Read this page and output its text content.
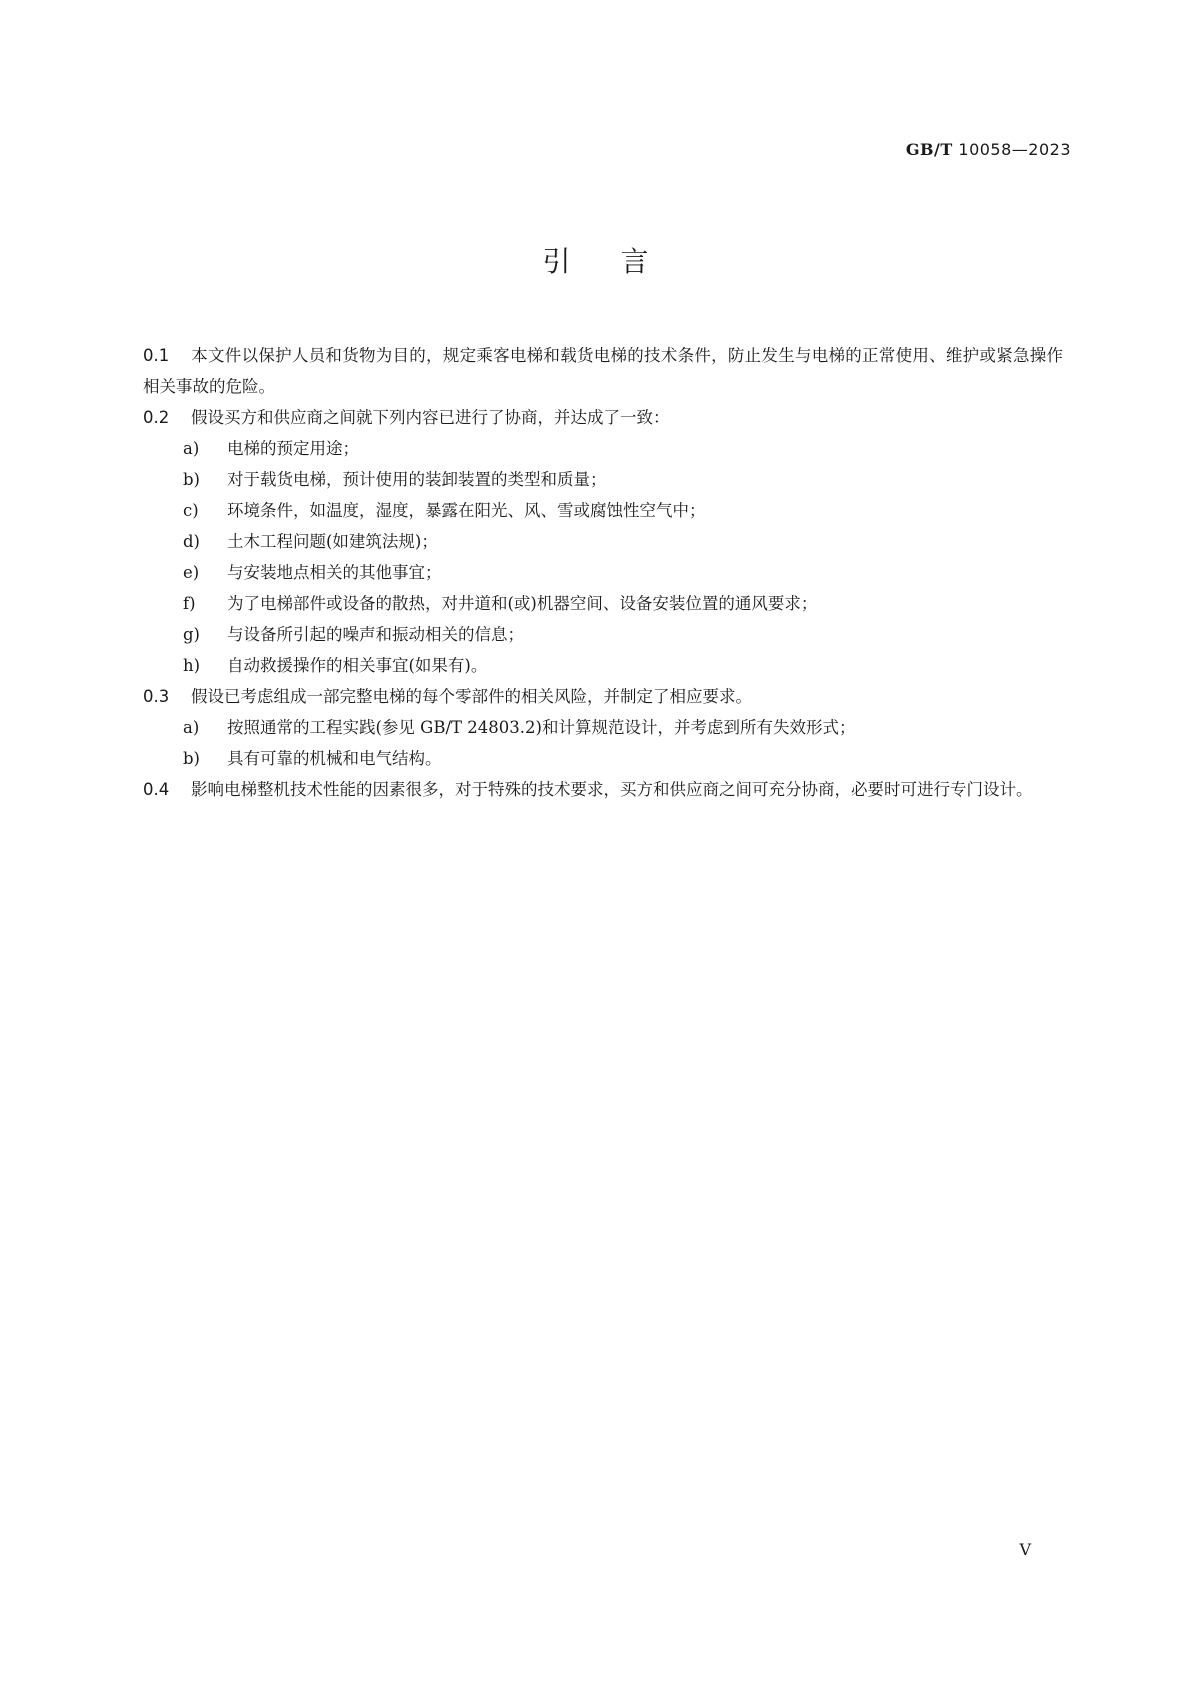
GB/T 10058—2023
引言

0.1 本文件以保护人员和货物为目的，规定乘客电梯和载货电梯的技术条件，防止发生与电梯的正常使用、维护或紧急操作相关事故的危险。

0.2 假设买方和供应商之间就下列内容已进行了协商，并达成了一致：

a) 电梯的预定用途；

b) 对于载货电梯，预计使用的装卸装置的类型和质量；

c) 环境条件，如温度，湿度，暴露在阳光、风、雪或腐蚀性空气中；

d) 土木工程问题(如建筑法规)；

e) 与安装地点相关的其他事宜；

f) 为了电梯部件或设备的散热，对井道和(或)机器空间、设备安装位置的通风要求；

g) 与设备所引起的噪声和振动相关的信息；

h) 自动救援操作的相关事宜(如果有)。

0.3 假设已考虑组成一部完整电梯的每个零部件的相关风险，并制定了相应要求。

a) 按照通常的工程实践(参见 GB/T 24803.2)和计算规范设计，并考虑到所有失效形式；

b) 具有可靠的机械和电气结构。

0.4 影响电梯整机技术性能的因素很多，对于特殊的技术要求，买方和供应商之间可充分协商，必要时可进行专门设计。

V
